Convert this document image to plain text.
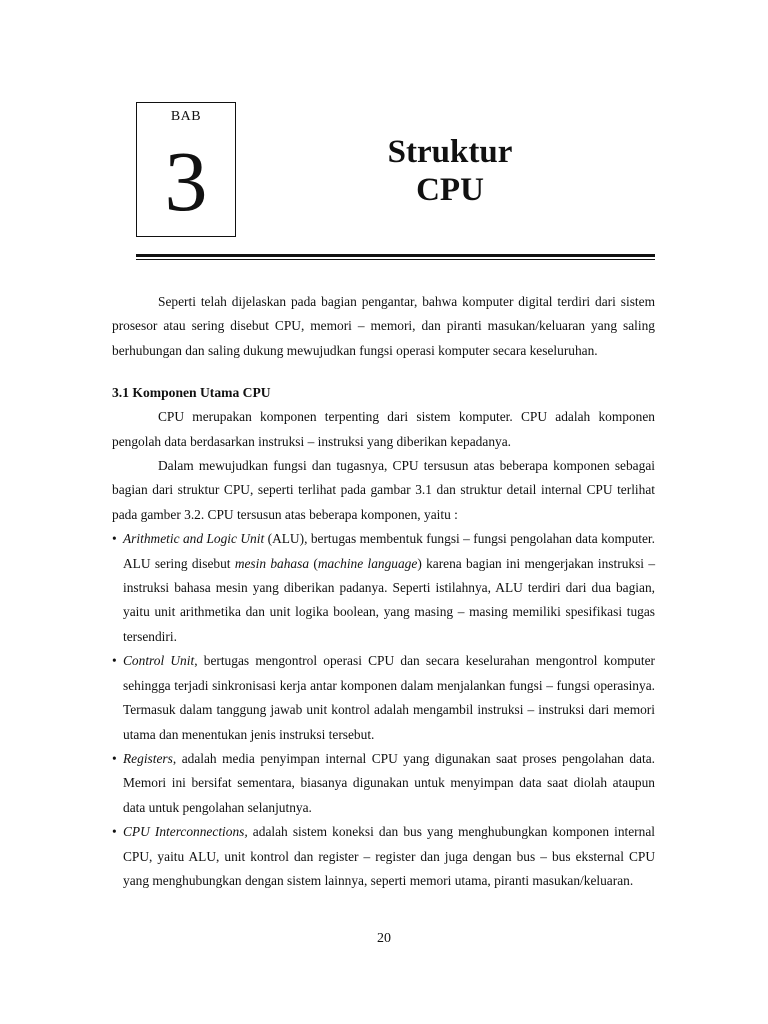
BAB
3	Struktur
CPU

Seperti telah dijelaskan pada bagian pengantar, bahwa komputer digital terdiri dari sistem prosesor atau sering disebut CPU, memori – memori, dan piranti masukan/keluaran yang saling berhubungan dan saling dukung mewujudkan fungsi operasi komputer secara keseluruhan.

3.1 Komponen Utama CPU

CPU merupakan komponen terpenting dari sistem komputer. CPU adalah komponen pengolah data berdasarkan instruksi – instruksi yang diberikan kepadanya.

Dalam mewujudkan fungsi dan tugasnya, CPU tersusun atas beberapa komponen sebagai bagian dari struktur CPU, seperti terlihat pada gambar 3.1 dan struktur detail internal CPU terlihat pada gamber 3.2. CPU tersusun atas beberapa komponen, yaitu :

• Arithmetic and Logic Unit (ALU), bertugas membentuk fungsi – fungsi pengolahan data komputer. ALU sering disebut mesin bahasa (machine language) karena bagian ini mengerjakan instruksi – instruksi bahasa mesin yang diberikan padanya. Seperti istilahnya, ALU terdiri dari dua bagian, yaitu unit arithmetika dan unit logika boolean, yang masing – masing memiliki spesifikasi tugas tersendiri.

• Control Unit, bertugas mengontrol operasi CPU dan secara keselurahan mengontrol komputer sehingga terjadi sinkronisasi kerja antar komponen dalam menjalankan fungsi – fungsi operasinya. Termasuk dalam tanggung jawab unit kontrol adalah mengambil instruksi – instruksi dari memori utama dan menentukan jenis instruksi tersebut.

• Registers, adalah media penyimpan internal CPU yang digunakan saat proses pengolahan data. Memori ini bersifat sementara, biasanya digunakan untuk menyimpan data saat diolah ataupun data untuk pengolahan selanjutnya.

• CPU Interconnections, adalah sistem koneksi dan bus yang menghubungkan komponen internal CPU, yaitu ALU, unit kontrol dan register – register dan juga dengan bus – bus eksternal CPU yang menghubungkan dengan sistem lainnya, seperti memori utama, piranti masukan/keluaran.

20
